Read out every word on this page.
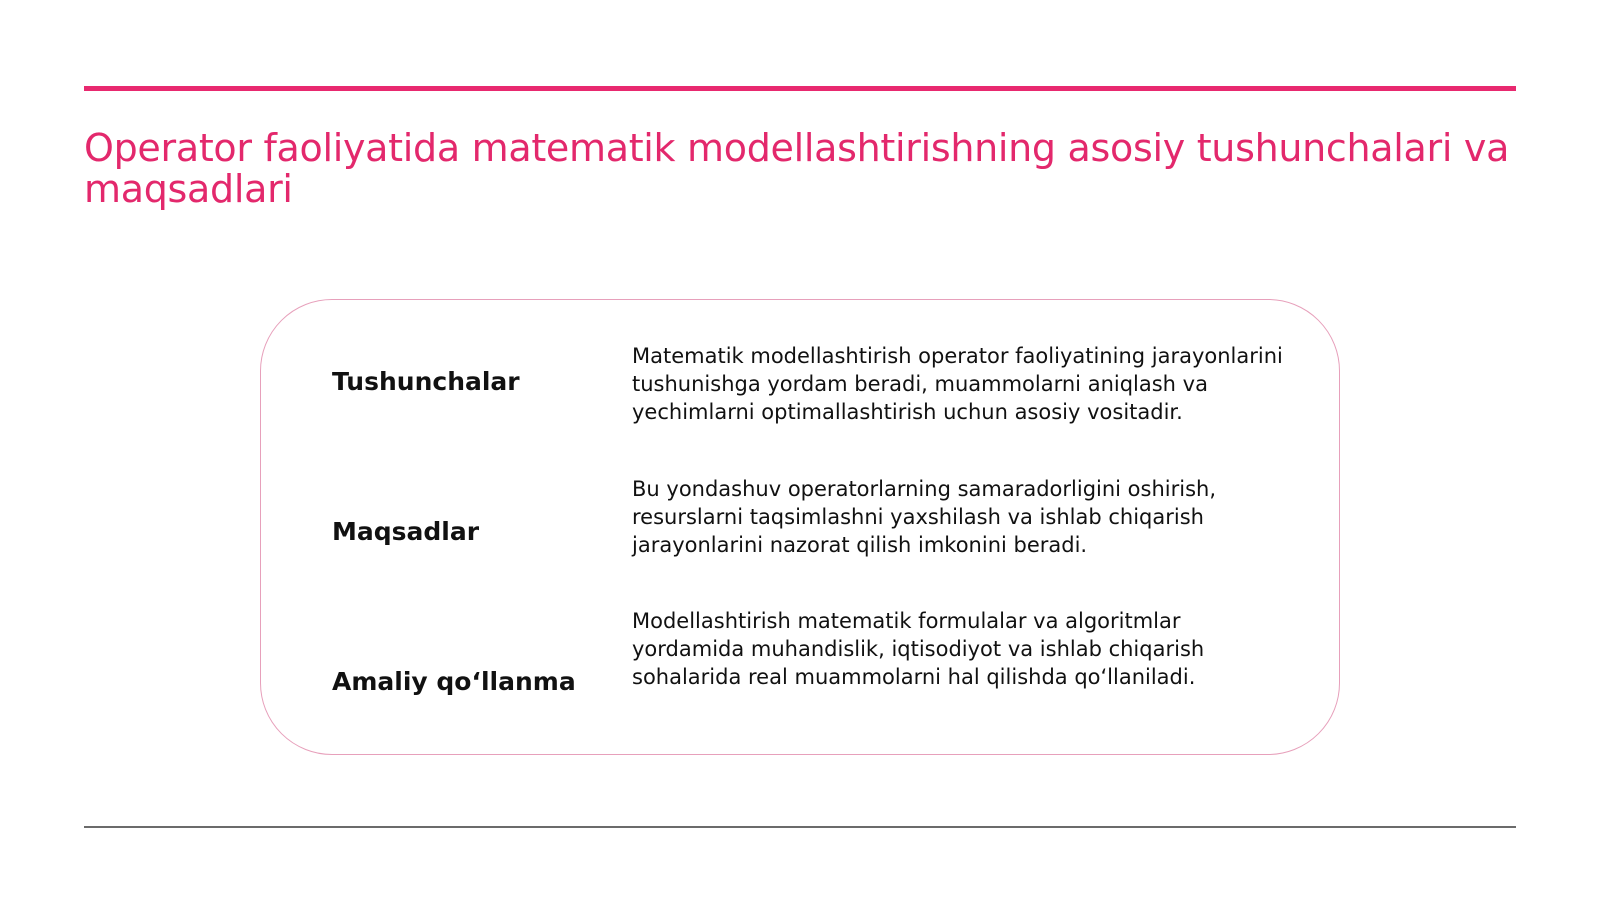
Operator faoliyatida matematik modellashtirishning asosiy tushunchalari va maqsadlari

Tushunchalar

Matematik modellashtirish operator faoliyatining jarayonlarini tushunishga yordam beradi, muammolarni aniqlash va yechimlarni optimallashtirish uchun asosiy vositadir.

Maqsadlar

Bu yondashuv operatorlarning samaradorligini oshirish, resurslarni taqsimlashni yaxshilash va ishlab chiqarish jarayonlarini nazorat qilish imkonini beradi.

Amaliy qo‘llanma

Modellashtirish matematik formulalar va algoritmlar yordamida muhandislik, iqtisodiyot va ishlab chiqarish sohalarida real muammolarni hal qilishda qo‘llaniladi.
